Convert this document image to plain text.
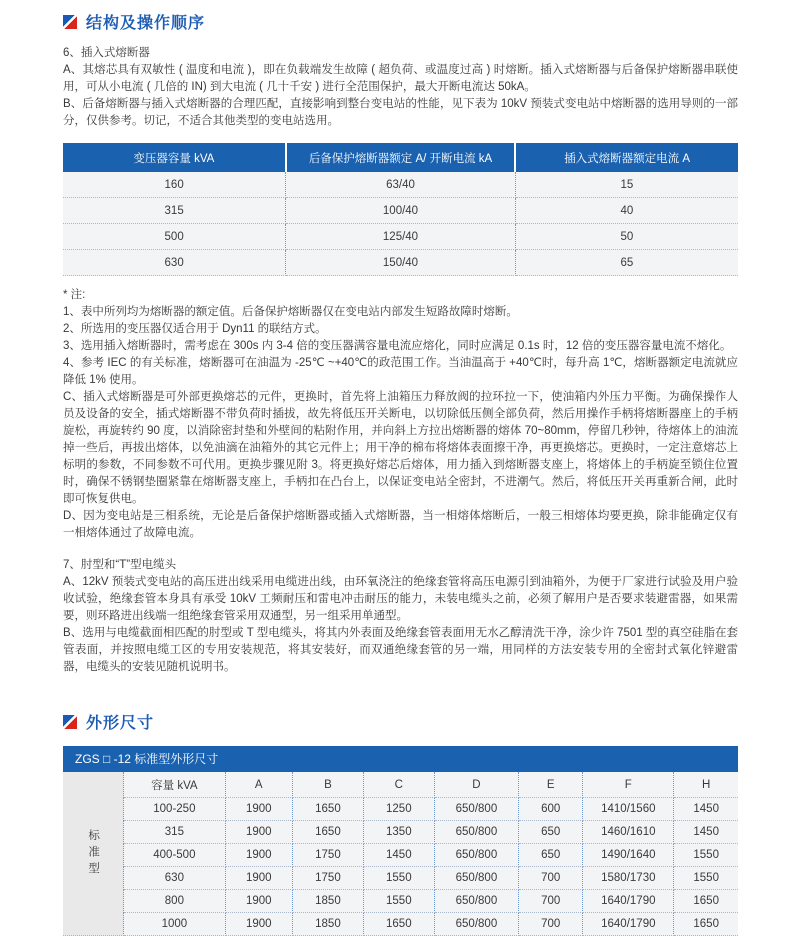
结构及操作顺序

6、插入式熔断器

A、其熔芯具有双敏性 ( 温度和电流 )，即在负载端发生故障 ( 超负荷、或温度过高 ) 时熔断。插入式熔断器与后备保护熔断器串联使用，可从小电流 ( 几倍的 IN) 到大电流 ( 几十千安 ) 进行全范围保护，最大开断电流达 50kA。

B、后备熔断器与插入式熔断器的合理匹配，直接影响到整台变电站的性能，见下表为 10kV 预装式变电站中熔断器的选用导则的一部分，仅供参考。切记，不适合其他类型的变电站选用。

变压器容量 kVA	后备保护熔断器额定 A/ 开断电流 kA	插入式熔断器额定电流 A
160	63/40	15
315	100/40	40
500	125/40	50
630	150/40	65

* 注:

1、表中所列均为熔断器的额定值。后备保护熔断器仅在变电站内部发生短路故障时熔断。

2、所选用的变压器仅适合用于 Dyn11 的联结方式。

3、选用插入熔断器时，需考虑在 300s 内 3-4 倍的变压器满容量电流应熔化，同时应满足 0.1s 时，12 倍的变压器容量电流不熔化。

4、参考 IEC 的有关标准，熔断器可在油温为 -25℃ ~+40℃的政范围工作。当油温高于 +40℃时，每升高 1℃，熔断器额定电流就应降低 1% 使用。

C、插入式熔断器是可外部更换熔芯的元件，更换时，首先将上油箱压力释放阀的拉环拉一下，使油箱内外压力平衡。为确保操作人员及设备的安全，插式熔断器不带负荷时插拔，故先将低压开关断电，以切除低压侧全部负荷，然后用操作手柄将熔断器座上的手柄旋松，再旋转约 90 度，以消除密封垫和外壁间的粘附作用，并向斜上方拉出熔断器的熔体 70~80mm，停留几秒钟，待熔体上的油流掉一些后，再拔出熔体，以免油滴在油箱外的其它元件上；用干净的棉布将熔体表面擦干净，再更换熔芯。更换时，一定注意熔芯上标明的参数，不同参数不可代用。更换步骤见附 3。将更换好熔芯后熔体，用力插入到熔断器支座上，将熔体上的手柄旋至锁住位置时，确保不锈钢垫圈紧靠在熔断器支座上，手柄扣在凸台上，以保证变电站全密封，不进潮气。然后，将低压开关再重新合闸，此时即可恢复供电。

D、因为变电站是三相系统，无论是后备保护熔断器或插入式熔断器，当一相熔体熔断后，一般三相熔体均要更换，除非能确定仅有一相熔体通过了故障电流。

7、肘型和“T”型电缆头

A、12kV 预装式变电站的高压进出线采用电缆进出线，由环氧浇注的绝缘套管将高压电源引到油箱外，为便于厂家进行试验及用户验收试验，绝缘套管本身具有承受 10kV 工频耐压和雷电冲击耐压的能力，未装电缆头之前，必须了解用户是否要求装避雷器，如果需要，则环路进出线端一组绝缘套管采用双通型，另一组采用单通型。

B、选用与电缆截面相匹配的肘型或 T 型电缆头，将其内外表面及绝缘套管表面用无水乙醇清洗干净，涂少许 7501 型的真空硅脂在套管表面，并按照电缆工区的专用安装规范，将其安装好，而双通绝缘套管的另一端，用同样的方法安装专用的全密封式氧化锌避雷器，电缆头的安装见随机说明书。

外形尺寸
ZGS □ -12 标准型外形尺寸
标准型	容量 kVA	A	B	C	D	E	F	H
	100-250	1900	1650	1250	650/800	600	1410/1560	1450
	315	1900	1650	1350	650/800	650	1460/1610	1450
	400-500	1900	1750	1450	650/800	650	1490/1640	1550
	630	1900	1750	1550	650/800	700	1580/1730	1550
	800	1900	1850	1550	650/800	700	1640/1790	1650
	1000	1900	1850	1650	650/800	700	1640/1790	1650
